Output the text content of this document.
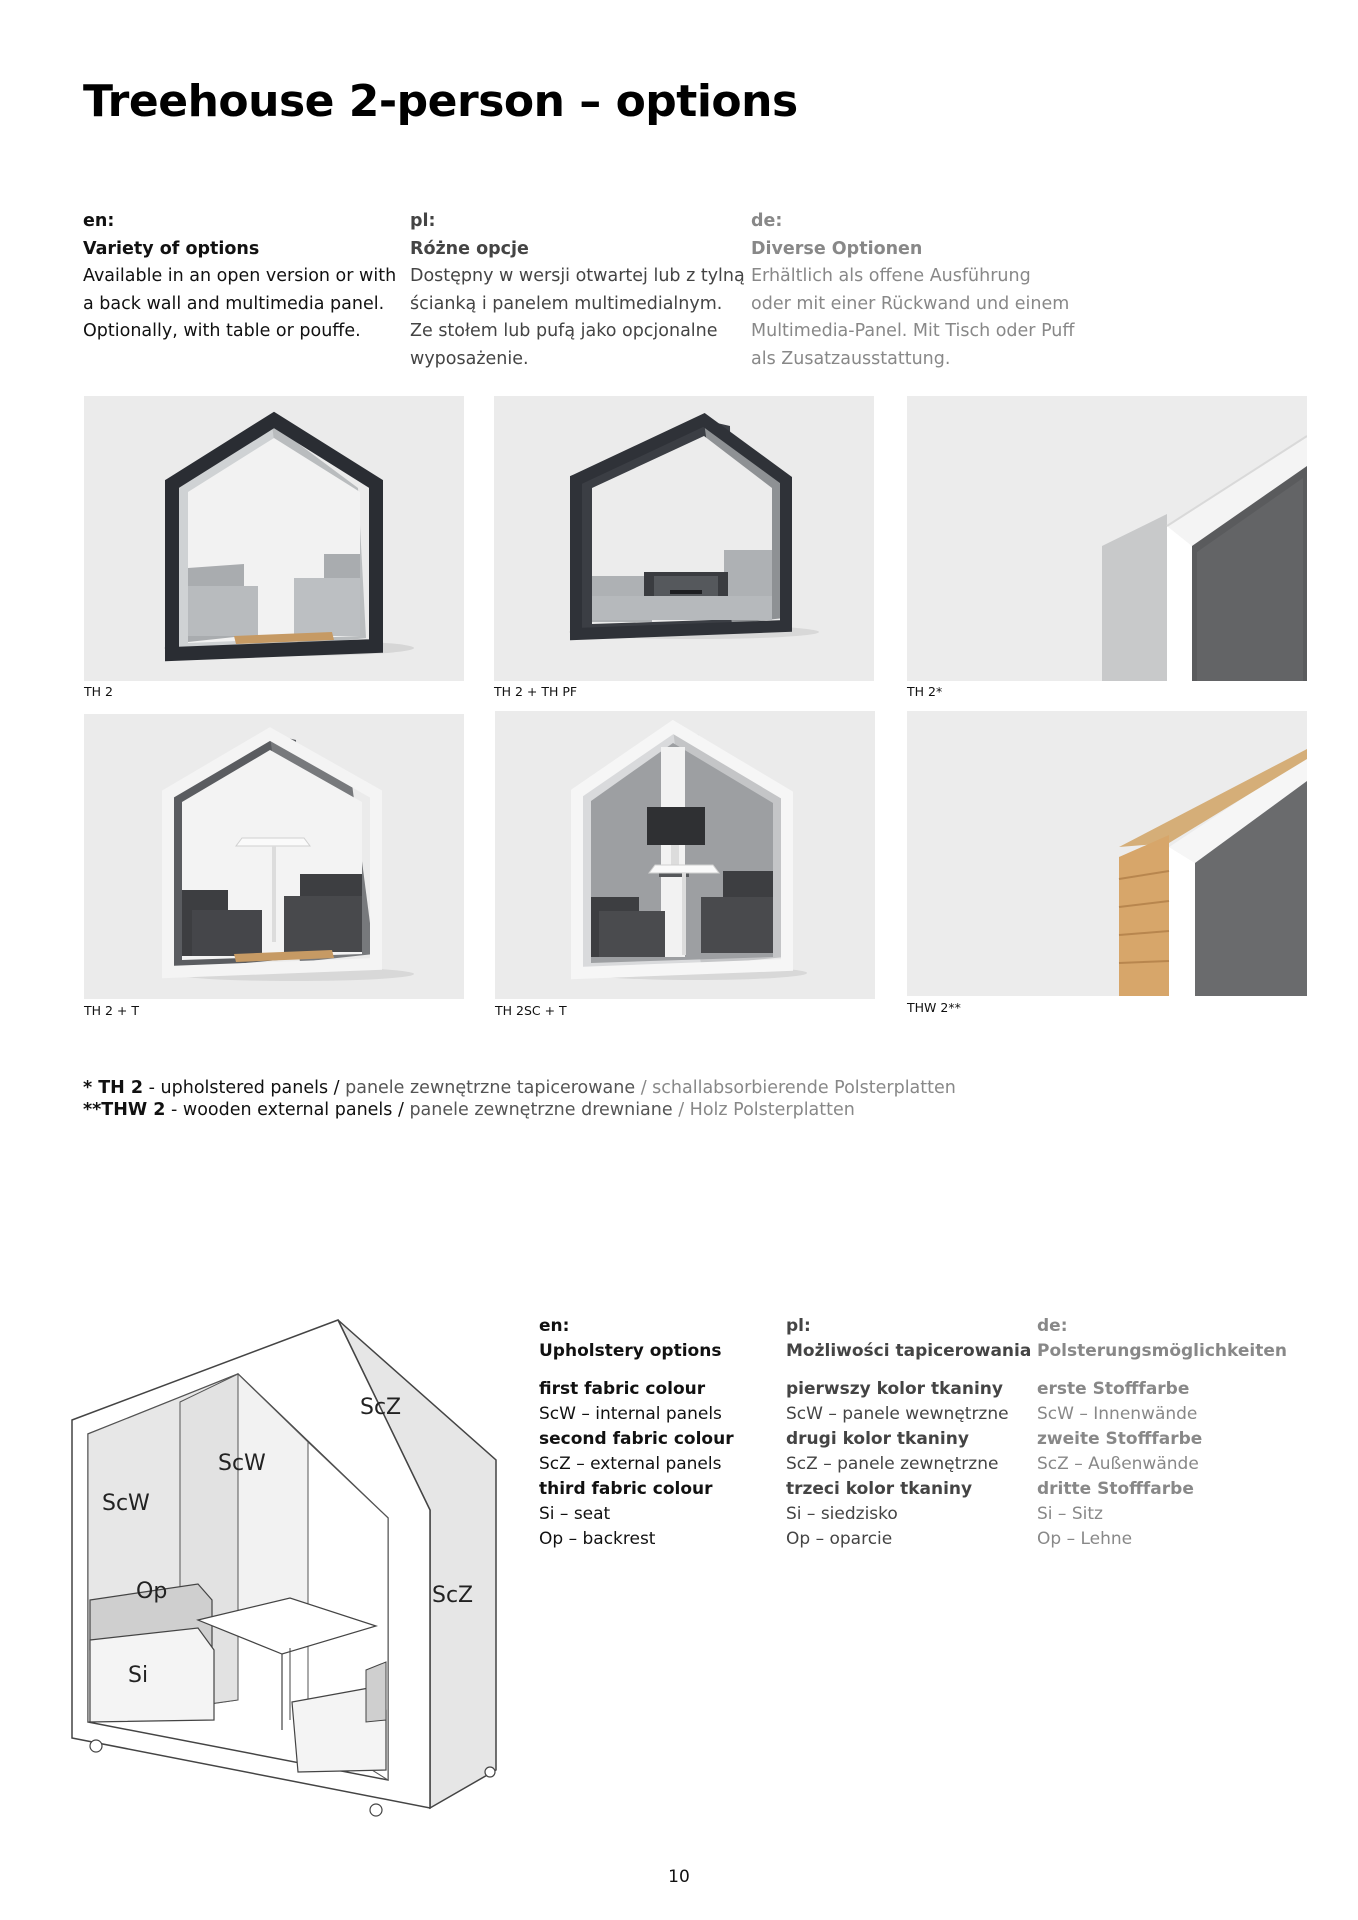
Treehouse 2-person – options
en:
Variety of options
Available in an open version or with
a back wall and multimedia panel.
Optionally, with table or pouffe.
pl:
Różne opcje
Dostępny w wersji otwartej lub z tylną
ścianką i panelem multimedialnym.
Ze stołem lub pufą jako opcjonalne
wyposażenie.
de:
Diverse Optionen
Erhältlich als offene Ausführung
oder mit einer Rückwand und einem
Multimedia-Panel. Mit Tisch oder Puff
als Zusatzausstattung.
TH 2	TH 2 + TH PF	TH 2*
TH 2 + T	TH 2SC + T	THW 2**
* TH 2 - upholstered panels / panele zewnętrzne tapicerowane / schallabsorbierende Polsterplatten
**THW 2 - wooden external panels / panele zewnętrzne drewniane / Holz Polsterplatten
ScZ
ScW
ScW
Op
Si
ScZ
en:
Upholstery options
first fabric colour
ScW – internal panels
second fabric colour
ScZ – external panels
third fabric colour
Si – seat
Op – backrest
pl:
Możliwości tapicerowania
pierwszy kolor tkaniny
ScW – panele wewnętrzne
drugi kolor tkaniny
ScZ – panele zewnętrzne
trzeci kolor tkaniny
Si – siedzisko
Op – oparcie
de:
Polsterungsmöglichkeiten
erste Stofffarbe
ScW – Innenwände
zweite Stofffarbe
ScZ – Außenwände
dritte Stofffarbe
Si – Sitz
Op – Lehne
10
